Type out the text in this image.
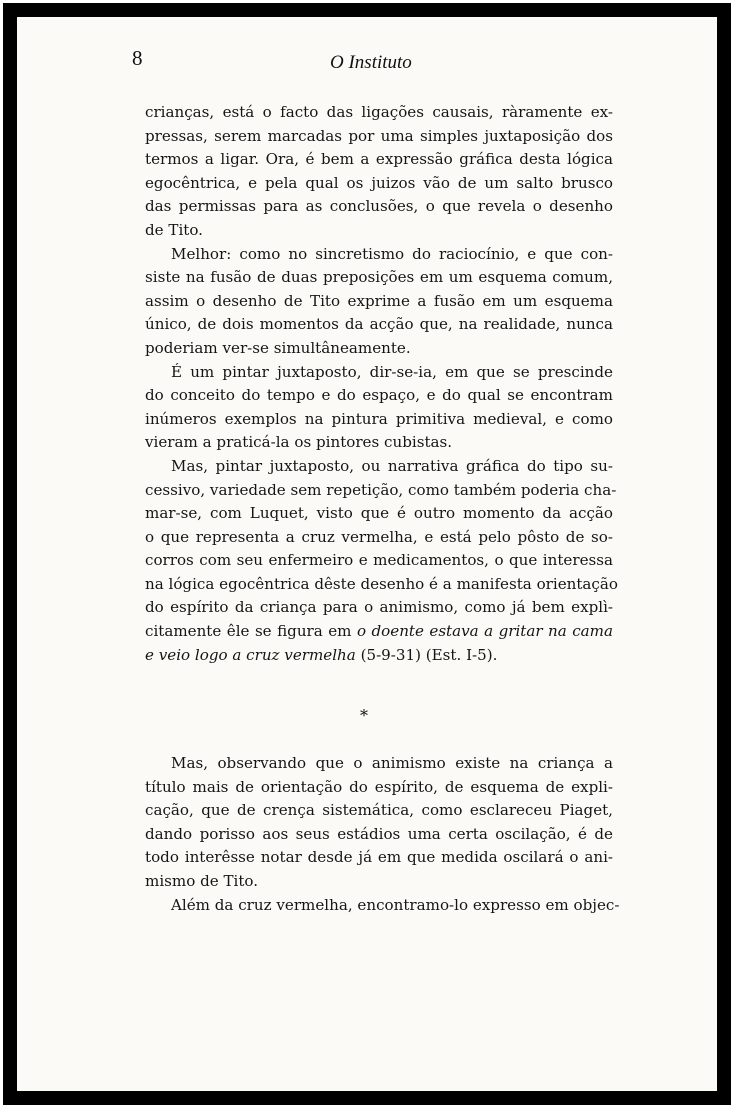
8	O Instituto
crianças, está o facto das ligações causais, ràramente ex-
pressas, serem marcadas por uma simples juxtaposição dos
termos a ligar. Ora, é bem a expressão gráfica desta lógica
egocêntrica, e pela qual os juizos vão de um salto brusco
das permissas para as conclusões, o que revela o desenho
de Tito.
Melhor: como no sincretismo do raciocínio, e que con-
siste na fusão de duas preposições em um esquema comum,
assim o desenho de Tito exprime a fusão em um esquema
único, de dois momentos da acção que, na realidade, nunca
poderiam ver-se simultâneamente.
É um pintar juxtaposto, dir-se-ia, em que se prescinde
do conceito do tempo e do espaço, e do qual se encontram
inúmeros exemplos na pintura primitiva medieval, e como
vieram a praticá-la os pintores cubistas.
Mas, pintar juxtaposto, ou narrativa gráfica do tipo su-
cessivo, variedade sem repetição, como também poderia cha-
mar-se, com Luquet, visto que é outro momento da acção
o que representa a cruz vermelha, e está pelo pôsto de so-
corros com seu enfermeiro e medicamentos, o que interessa
na lógica egocêntrica dêste desenho é a manifesta orientação
do espírito da criança para o animismo, como já bem explì-
citamente êle se figura em o doente estava a gritar na cama
e veio logo a cruz vermelha (5-9-31) (Est. I-5).
*
Mas, observando que o animismo existe na criança a
título mais de orientação do espírito, de esquema de expli-
cação, que de crença sistemática, como esclareceu Piaget,
dando porisso aos seus estádios uma certa oscilação, é de
todo interêsse notar desde já em que medida oscilará o ani-
mismo de Tito.
Além da cruz vermelha, encontramo-lo expresso em objec-
